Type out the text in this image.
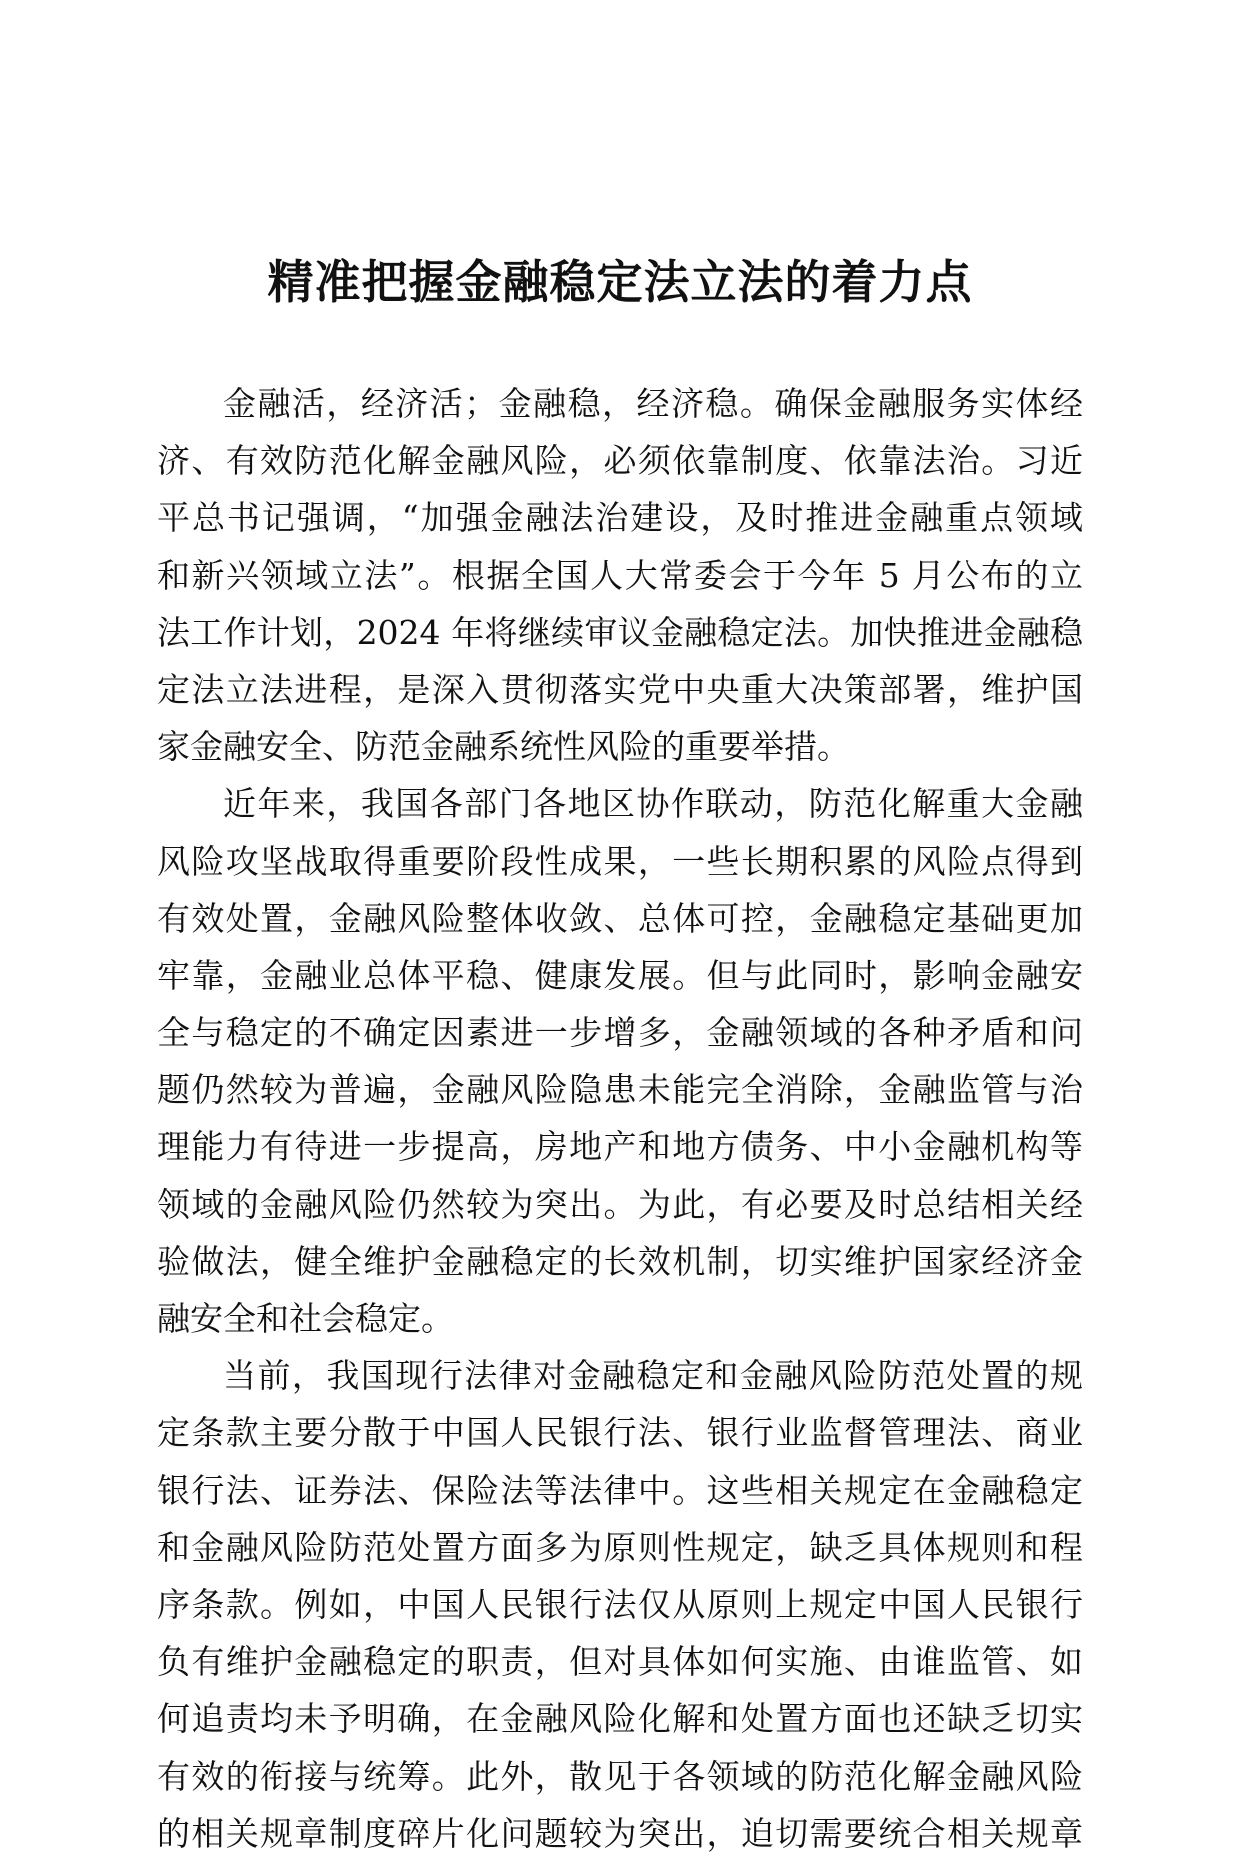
精准把握金融稳定法立法的着力点
金融活，经济活；金融稳，经济稳。确保金融服务实体经
济、有效防范化解金融风险，必须依靠制度、依靠法治。习近
平总书记强调，“加强金融法治建设，及时推进金融重点领域
和新兴领域立法”。根据全国人大常委会于今年 5 月公布的立
法工作计划，2024 年将继续审议金融稳定法。加快推进金融稳
定法立法进程，是深入贯彻落实党中央重大决策部署，维护国
家金融安全、防范金融系统性风险的重要举措。
近年来，我国各部门各地区协作联动，防范化解重大金融
风险攻坚战取得重要阶段性成果，一些长期积累的风险点得到
有效处置，金融风险整体收敛、总体可控，金融稳定基础更加
牢靠，金融业总体平稳、健康发展。但与此同时，影响金融安
全与稳定的不确定因素进一步增多，金融领域的各种矛盾和问
题仍然较为普遍，金融风险隐患未能完全消除，金融监管与治
理能力有待进一步提高，房地产和地方债务、中小金融机构等
领域的金融风险仍然较为突出。为此，有必要及时总结相关经
验做法，健全维护金融稳定的长效机制，切实维护国家经济金
融安全和社会稳定。
当前，我国现行法律对金融稳定和金融风险防范处置的规
定条款主要分散于中国人民银行法、银行业监督管理法、商业
银行法、证券法、保险法等法律中。这些相关规定在金融稳定
和金融风险防范处置方面多为原则性规定，缺乏具体规则和程
序条款。例如，中国人民银行法仅从原则上规定中国人民银行
负有维护金融稳定的职责，但对具体如何实施、由谁监管、如
何追责均未予明确，在金融风险化解和处置方面也还缺乏切实
有效的衔接与统筹。此外，散见于各领域的防范化解金融风险
的相关规章制度碎片化问题较为突出，迫切需要统合相关规章
